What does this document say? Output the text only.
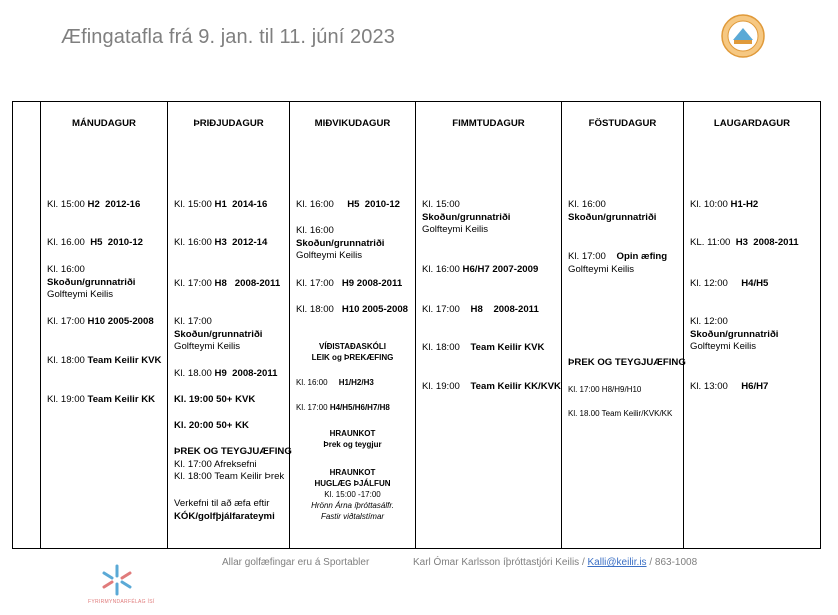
Æfingatafla frá 9. jan. til 11. júní 2023

MÁNUDAGUR
Kl. 15:00 H2  2012-16
Kl. 16.00  H5  2010-12
Kl. 16:00
Skoðun/grunnatriði
Golfteymi Keilis
Kl. 17:00 H10 2005-2008
Kl. 18:00 Team Keilir KVK
Kl. 19:00 Team Keilir KK

ÞRIÐJUDAGUR
Kl. 15:00 H1  2014-16
Kl. 16:00 H3  2012-14
Kl. 17:00 H8   2008-2011
Kl. 17:00
Skoðun/grunnatriði
Golfteymi Keilis
Kl. 18.00 H9  2008-2011
Kl. 19:00 50+ KVK
Kl. 20:00 50+ KK
ÞREK OG TEYGJUÆFING
Kl. 17:00 Afreksefni
Kl. 18:00 Team Keilir Þrek
Verkefni til að æfa eftir
KÓK/golfþjálfarateymi

MIÐVIKUDAGUR
Kl. 16:00     H5  2010-12
Kl. 16:00
Skoðun/grunnatriði
Golfteymi Keilis
Kl. 17:00   H9 2008-2011
Kl. 18:00   H10 2005-2008
VÍÐISTAÐASKÓLI
LEIK og ÞREKÆFING
Kl. 16:00     H1/H2/H3
Kl. 17:00 H4/H5/H6/H7/H8
HRAUNKOT
Þrek og teygjur
HRAUNKOT
HUGLÆG ÞJÁLFUN
Kl. 15:00 -17:00
Hrönn Árna íþróttasálfr.
Fastir viðtalstímar

FIMMTUDAGUR
Kl. 15:00
Skoðun/grunnatriði
Golfteymi Keilis
Kl. 16:00 H6/H7 2007-2009
Kl. 17:00    H8    2008-2011
Kl. 18:00    Team Keilir KVK
Kl. 19:00    Team Keilir KK/KVK

FÖSTUDAGUR
Kl. 16:00
Skoðun/grunnatriði
Kl. 17:00    Opin æfing
Golfteymi Keilis
ÞREK OG TEYGJUÆFING
Kl. 17:00 H8/H9/H10
Kl. 18.00 Team Keilir/KVK/KK

LAUGARDAGUR
Kl. 10:00 H1-H2
KL. 11:00  H3  2008-2011
Kl. 12:00     H4/H5
Kl. 12:00
Skoðun/grunnatriði
Golfteymi Keilis
Kl. 13:00     H6/H7
Allar golfæfingar eru á Sportabler	Karl Ómar Karlsson íþróttastjóri Keilis / Kalli@keilir.is / 863-1008
FYRIRMYNDARFÉLAG ÍSÍ
